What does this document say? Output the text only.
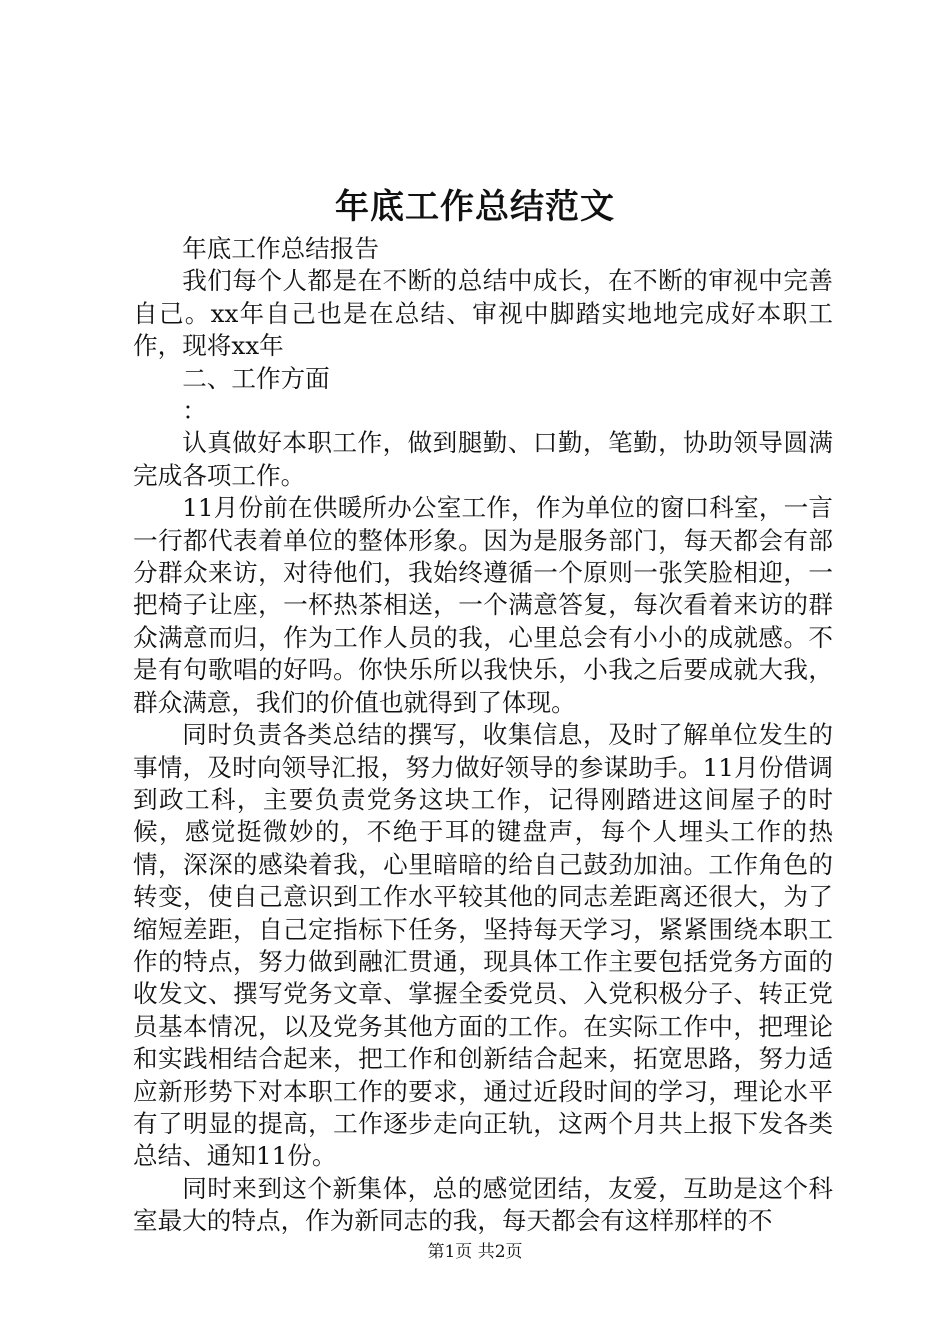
年底工作总结范文

年底工作总结报告

我们每个人都是在不断的总结中成长，在不断的审视中完善自己。xx年自己也是在总结、审视中脚踏实地地完成好本职工作，现将xx年

二、工作方面

：

认真做好本职工作，做到腿勤、口勤，笔勤，协助领导圆满完成各项工作。

11月份前在供暖所办公室工作，作为单位的窗口科室，一言一行都代表着单位的整体形象。因为是服务部门，每天都会有部分群众来访，对待他们，我始终遵循一个原则一张笑脸相迎，一把椅子让座，一杯热茶相送，一个满意答复，每次看着来访的群众满意而归，作为工作人员的我，心里总会有小小的成就感。不是有句歌唱的好吗。你快乐所以我快乐，小我之后要成就大我，群众满意，我们的价值也就得到了体现。

同时负责各类总结的撰写，收集信息，及时了解单位发生的事情，及时向领导汇报，努力做好领导的参谋助手。11月份借调到政工科，主要负责党务这块工作，记得刚踏进这间屋子的时候，感觉挺微妙的，不绝于耳的键盘声，每个人埋头工作的热情，深深的感染着我，心里暗暗的给自己鼓劲加油。工作角色的转变，使自己意识到工作水平较其他的同志差距离还很大，为了缩短差距，自己定指标下任务，坚持每天学习，紧紧围绕本职工作的特点，努力做到融汇贯通，现具体工作主要包括党务方面的收发文、撰写党务文章、掌握全委党员、入党积极分子、转正党员基本情况，以及党务其他方面的工作。在实际工作中，把理论和实践相结合起来，把工作和创新结合起来，拓宽思路，努力适应新形势下对本职工作的要求，通过近段时间的学习，理论水平有了明显的提高，工作逐步走向正轨，这两个月共上报下发各类总结、通知11份。

同时来到这个新集体，总的感觉团结，友爱，互助是这个科室最大的特点，作为新同志的我，每天都会有这样那样的不

第1页 共2页
